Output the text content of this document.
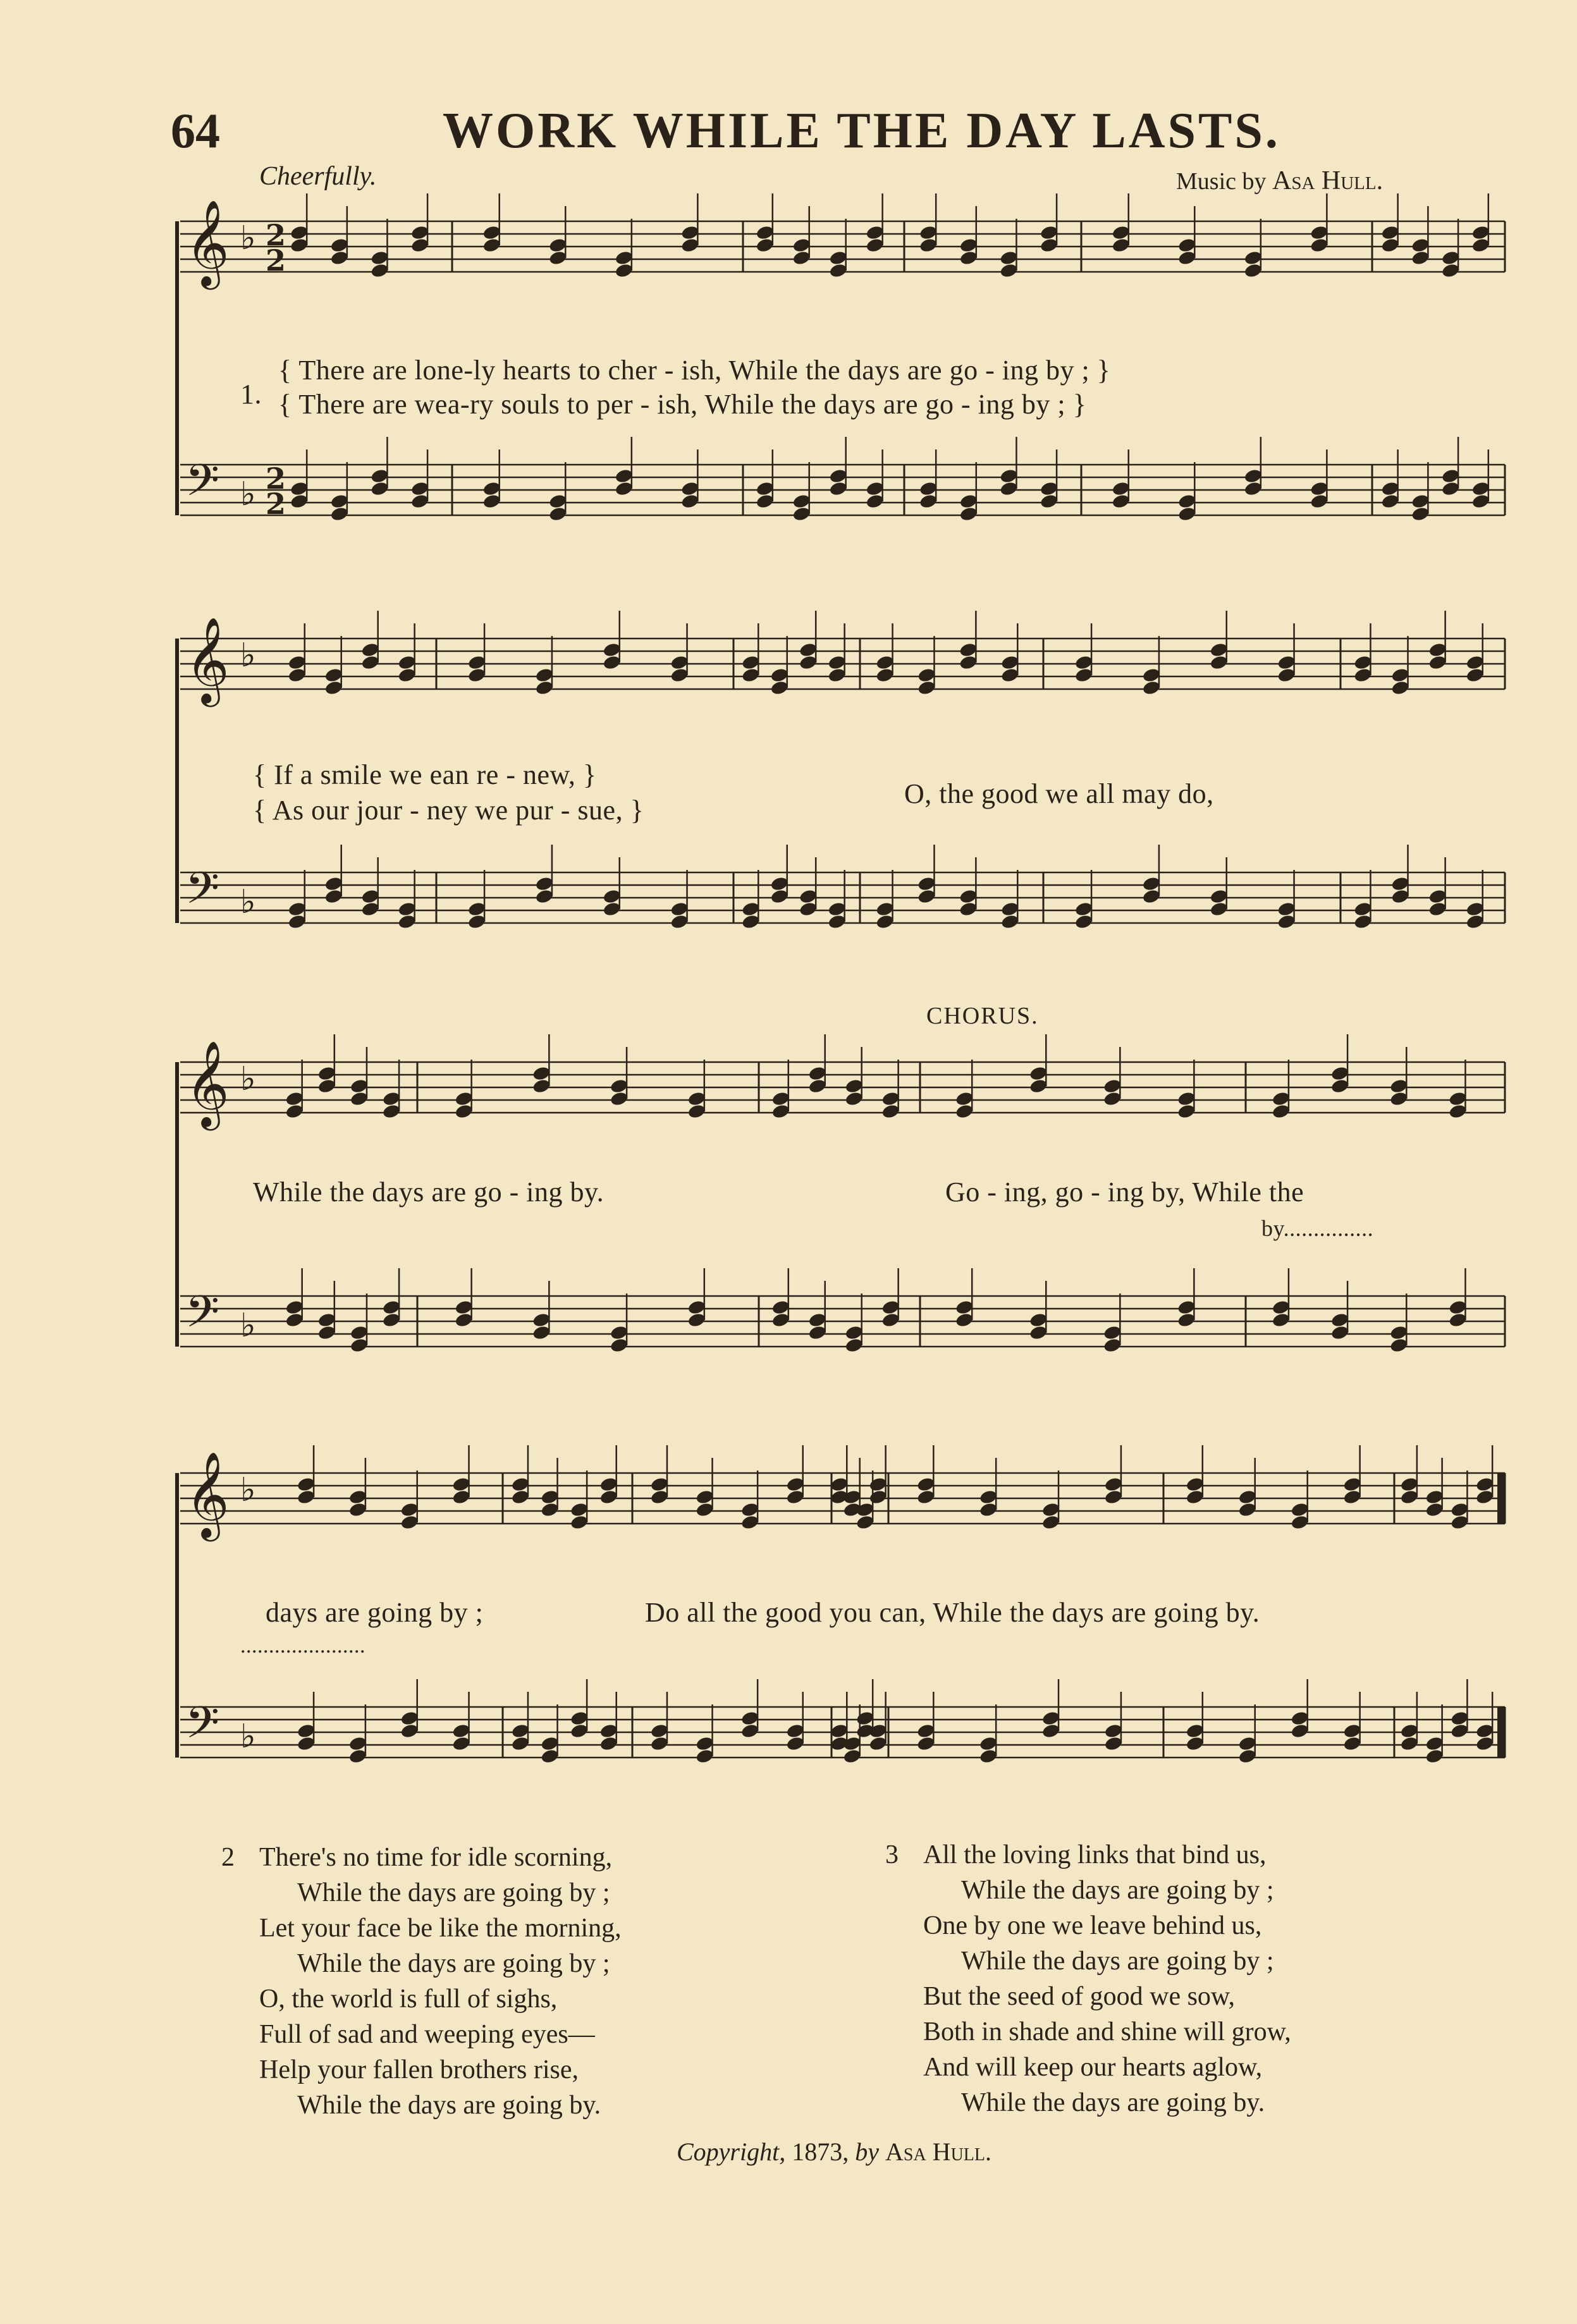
64	WORK WHILE THE DAY LASTS.
Cheerfully.	Music by Asa Hull.
𝄞 ♭
𝄢 ♭
𝄞 ♭
𝄢 ♭
𝄞 ♭
𝄢 ♭
𝄞 ♭
𝄢 ♭
2
2
2
2
1.
{ There are lone-ly hearts to cher - ish, While the days are go - ing by ; }
{ There are wea-ry souls to per - ish, While the days are go - ing by ; }
{ If a smile we ean re - new, }
{ As our jour - ney we pur - sue, }
O, the good we all may do,
CHORUS.
While the days are go - ing by.	Go - ing, go - ing by, While the
by...............
days are going by ;	Do all the good you can, While the days are going by.
......................
2 There's no time for idle scorning,
While the days are going by ;
Let your face be like the morning,
While the days are going by ;
O, the world is full of sighs,
Full of sad and weeping eyes—
Help your fallen brothers rise,
While the days are going by.
3 All the loving links that bind us,
While the days are going by ;
One by one we leave behind us,
While the days are going by ;
But the seed of good we sow,
Both in shade and shine will grow,
And will keep our hearts aglow,
While the days are going by.
Copyright, 1873, by Asa Hull.
